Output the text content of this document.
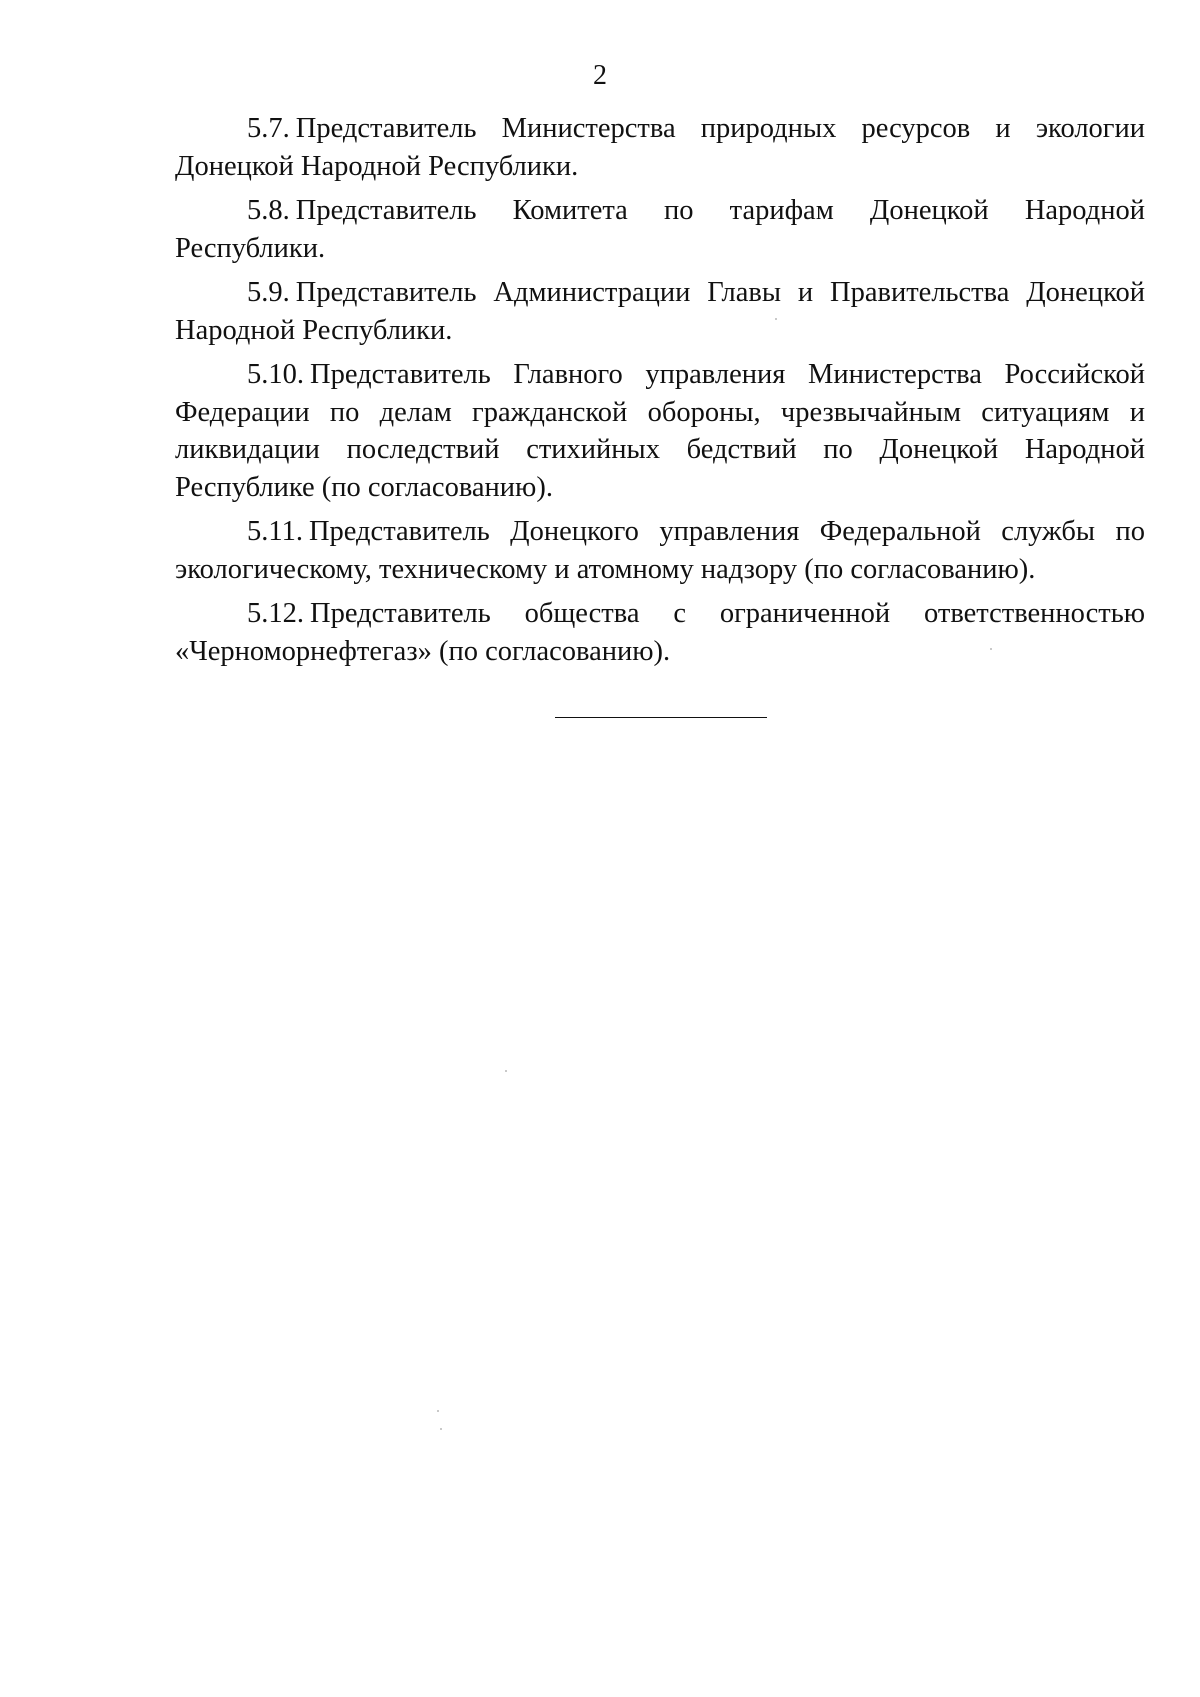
2

5.7. Представитель Министерства природных ресурсов и экологии Донецкой Народной Республики.

5.8. Представитель Комитета по тарифам Донецкой Народной Республики.

5.9. Представитель Администрации Главы и Правительства Донецкой Народной Республики.

5.10. Представитель Главного управления Министерства Российской Федерации по делам гражданской обороны, чрезвычайным ситуациям и ликвидации последствий стихийных бедствий по Донецкой Народной Республике (по согласованию).

5.11. Представитель Донецкого управления Федеральной службы по экологическому, техническому и атомному надзору (по согласованию).

5.12. Представитель общества с ограниченной ответственностью «Черноморнефтегаз» (по согласованию).
